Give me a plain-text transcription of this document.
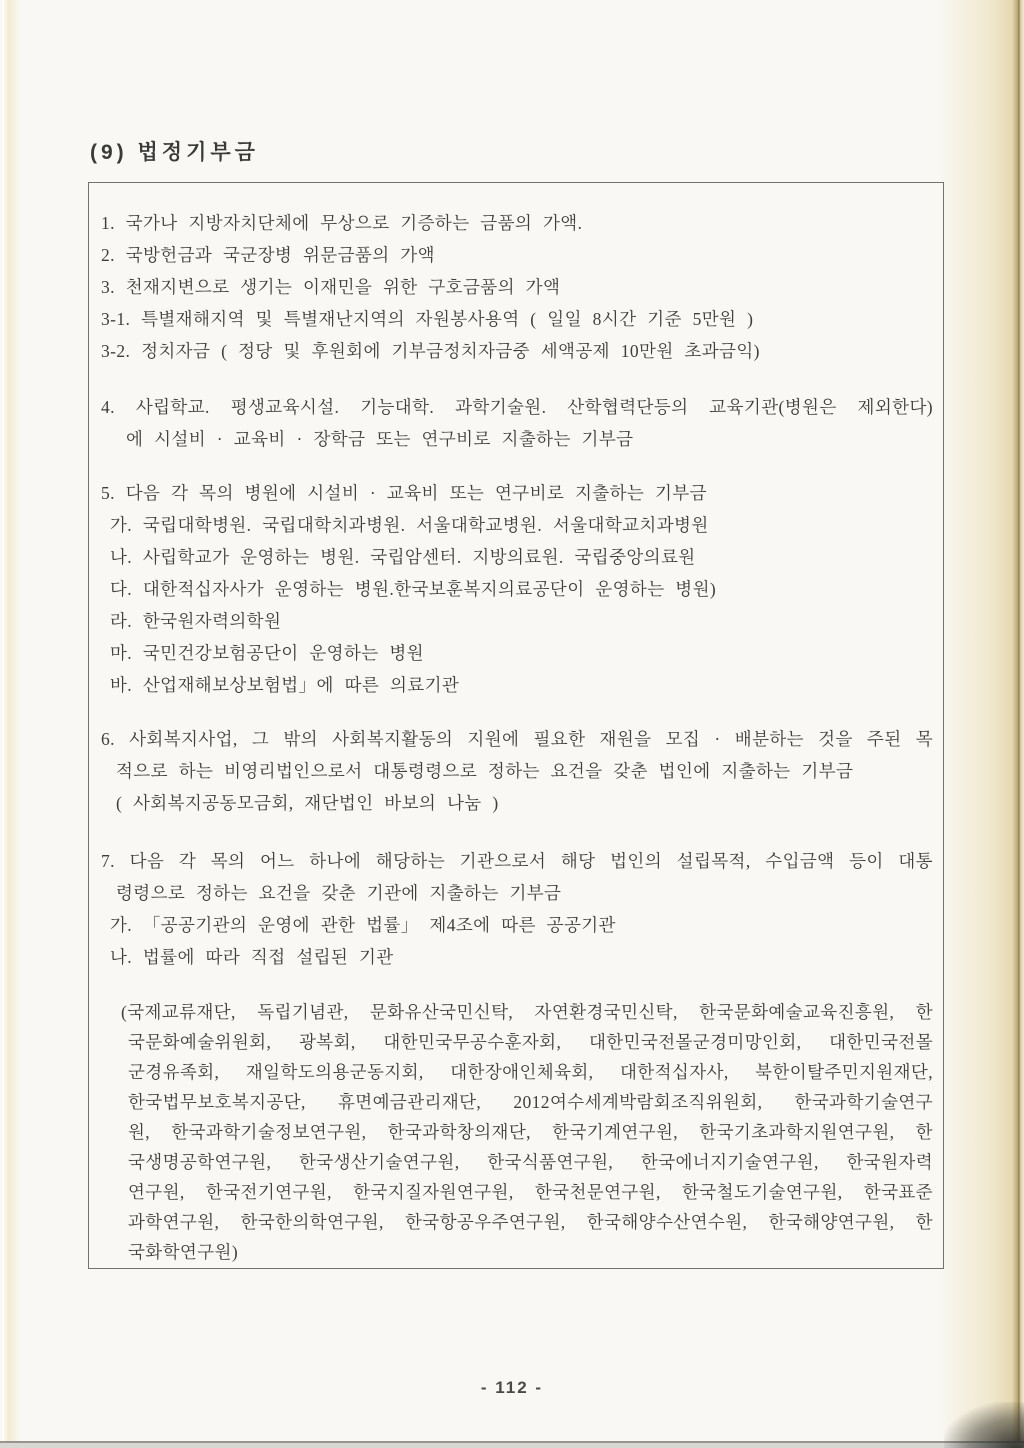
(9) 법정기부금

1. 국가나 지방자치단체에 무상으로 기증하는 금품의 가액.

2. 국방헌금과 국군장병 위문금품의 가액

3. 천재지변으로 생기는 이재민을 위한 구호금품의 가액

3-1. 특별재해지역 및 특별재난지역의 자원봉사용역 ( 일일 8시간 기준 5만원 )

3-2. 정치자금 ( 정당 및 후원회에 기부금정치자금중 세액공제 10만원 초과금익)

4. 사립학교. 평생교육시설. 기능대학. 과학기술원. 산학협력단등의 교육기관(병원은 제외한다)

에 시설비 · 교육비 · 장학금 또는 연구비로 지출하는 기부금

5. 다음 각 목의 병원에 시설비 · 교육비 또는 연구비로 지출하는 기부금

가. 국립대학병원. 국립대학치과병원. 서울대학교병원. 서울대학교치과병원

나. 사립학교가 운영하는 병원. 국립암센터. 지방의료원. 국립중앙의료원

다. 대한적십자사가 운영하는 병원.한국보훈복지의료공단이 운영하는 병원)

라. 한국원자력의학원

마. 국민건강보험공단이 운영하는 병원

바. 산업재해보상보험법」에 따른 의료기관

6. 사회복지사업, 그 밖의 사회복지활동의 지원에 필요한 재원을 모집 · 배분하는 것을 주된 목

적으로 하는 비영리법인으로서 대통령령으로 정하는 요건을 갖춘 법인에 지출하는 기부금

( 사회복지공동모금회, 재단법인 바보의 나눔 )

7. 다음 각 목의 어느 하나에 해당하는 기관으로서 해당 법인의 설립목적, 수입금액 등이 대통

령령으로 정하는 요건을 갖춘 기관에 지출하는 기부금

가. 「공공기관의 운영에 관한 법률」 제4조에 따른 공공기관

나. 법률에 따라 직접 설립된 기관

(국제교류재단, 독립기념관, 문화유산국민신탁, 자연환경국민신탁, 한국문화예술교육진흥원, 한

국문화예술위원회, 광복회, 대한민국무공수훈자회, 대한민국전몰군경미망인회, 대한민국전몰

군경유족회, 재일학도의용군동지회, 대한장애인체육회, 대한적십자사, 북한이탈주민지원재단,

한국법무보호복지공단, 휴면예금관리재단, 2012여수세계박람회조직위원회, 한국과학기술연구

원, 한국과학기술정보연구원, 한국과학창의재단, 한국기계연구원, 한국기초과학지원연구원, 한

국생명공학연구원, 한국생산기술연구원, 한국식품연구원, 한국에너지기술연구원, 한국원자력

연구원, 한국전기연구원, 한국지질자원연구원, 한국천문연구원, 한국철도기술연구원, 한국표준

과학연구원, 한국한의학연구원, 한국항공우주연구원, 한국해양수산연수원, 한국해양연구원, 한

국화학연구원)

- 112 -
